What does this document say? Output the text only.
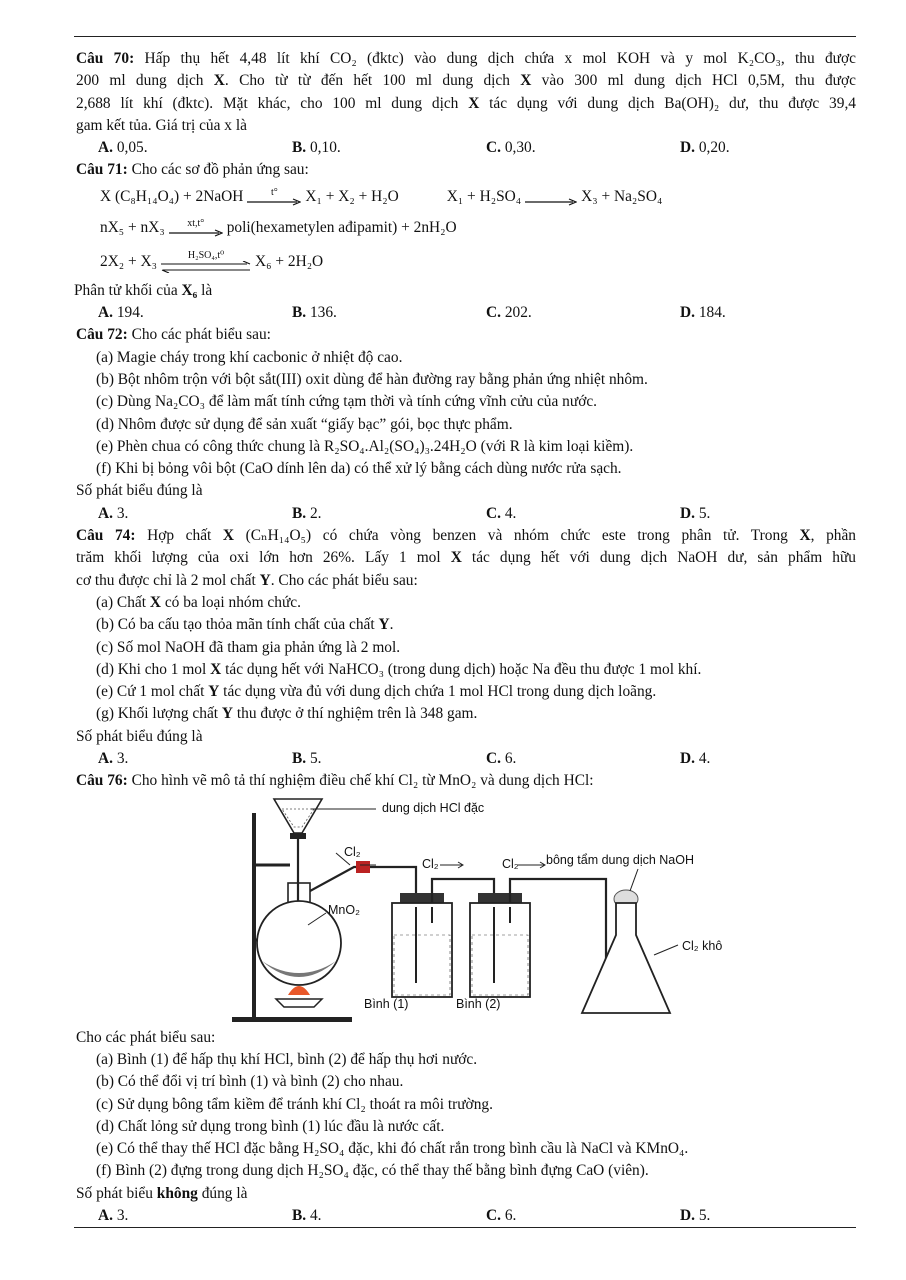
Câu 70: Hấp thụ hết 4,48 lít khí CO₂ (đktc) vào dung dịch chứa x mol KOH và y mol K₂CO₃, thu được
200 ml dung dịch X. Cho từ từ đến hết 100 ml dung dịch X vào 300 ml dung dịch HCl 0,5M, thu được
2,688 lít khí (đktc). Mặt khác, cho 100 ml dung dịch X tác dụng với dung dịch Ba(OH)₂ dư, thu được 39,4
gam kết tủa. Giá trị của x là
A. 0,05.	B. 0,10.	C. 0,30.	D. 0,20.
Câu 71: Cho các sơ đồ phản ứng sau:
X (C₈H₁₄O₄) + 2NaOH	t° X₁ + X₂ + H₂O	X₁ + H₂SO₄	X₃ + Na₂SO₄
nX₅ + nX₃ xt,t° poli(hexametylen ađipamit) + 2nH₂O
2X₂ + X₃	H₂SO₄,t⁰ X₆ + 2H₂O
Phân tử khối của X₆ là
A. 194.	B. 136.	C. 202.	D. 184.
Câu 72: Cho các phát biểu sau:
(a) Magie cháy trong khí cacbonic ở nhiệt độ cao.
(b) Bột nhôm trộn với bột sắt(III) oxit dùng để hàn đường ray bằng phản ứng nhiệt nhôm.
(c) Dùng Na₂CO₃ để làm mất tính cứng tạm thời và tính cứng vĩnh cửu của nước.
(d) Nhôm được sử dụng để sản xuất “giấy bạc” gói, bọc thực phẩm.
(e) Phèn chua có công thức chung là R₂SO₄.Al₂(SO₄)₃.24H₂O (với R là kim loại kiềm).
(f) Khi bị bỏng vôi bột (CaO dính lên da) có thể xử lý bằng cách dùng nước rửa sạch.
Số phát biểu đúng là
A. 3.	B. 2.	C. 4.	D. 5.
Câu 74: Hợp chất X (CₙH₁₄O₅) có chứa vòng benzen và nhóm chức este trong phân tử. Trong X, phần
trăm khối lượng của oxi lớn hơn 26%. Lấy 1 mol X tác dụng hết với dung dịch NaOH dư, sản phẩm hữu
cơ thu được chỉ là 2 mol chất Y. Cho các phát biểu sau:
(a) Chất X có ba loại nhóm chức.
(b) Có ba cấu tạo thỏa mãn tính chất của chất Y.
(c) Số mol NaOH đã tham gia phản ứng là 2 mol.
(d) Khi cho 1 mol X tác dụng hết với NaHCO₃ (trong dung dịch) hoặc Na đều thu được 1 mol khí.
(e) Cứ 1 mol chất Y tác dụng vừa đủ với dung dịch chứa 1 mol HCl trong dung dịch loãng.
(g) Khối lượng chất Y thu được ở thí nghiệm trên là 348 gam.
Số phát biểu đúng là
A. 3.	B. 5.	C. 6.	D. 4.
Câu 76: Cho hình vẽ mô tả thí nghiệm điều chế khí Cl₂ từ MnO₂ và dung dịch HCl:
dung dịch HCl đặc
Cl₂
Cl₂	Cl₂ bông tẩm dung dịch NaOH
MnO₂
Cl₂ khô
Bình (1)	Bình (2)
Cho các phát biểu sau:
(a) Bình (1) để hấp thụ khí HCl, bình (2) để hấp thụ hơi nước.
(b) Có thể đổi vị trí bình (1) và bình (2) cho nhau.
(c) Sử dụng bông tẩm kiềm để tránh khí Cl₂ thoát ra môi trường.
(d) Chất lỏng sử dụng trong bình (1) lúc đầu là nước cất.
(e) Có thể thay thế HCl đặc bằng H₂SO₄ đặc, khi đó chất rắn trong bình cầu là NaCl và KMnO₄.
(f) Bình (2) đựng trong dung dịch H₂SO₄ đặc, có thể thay thế bằng bình đựng CaO (viên).
Số phát biểu không đúng là
A. 3.	B. 4.	C. 6.	D. 5.
